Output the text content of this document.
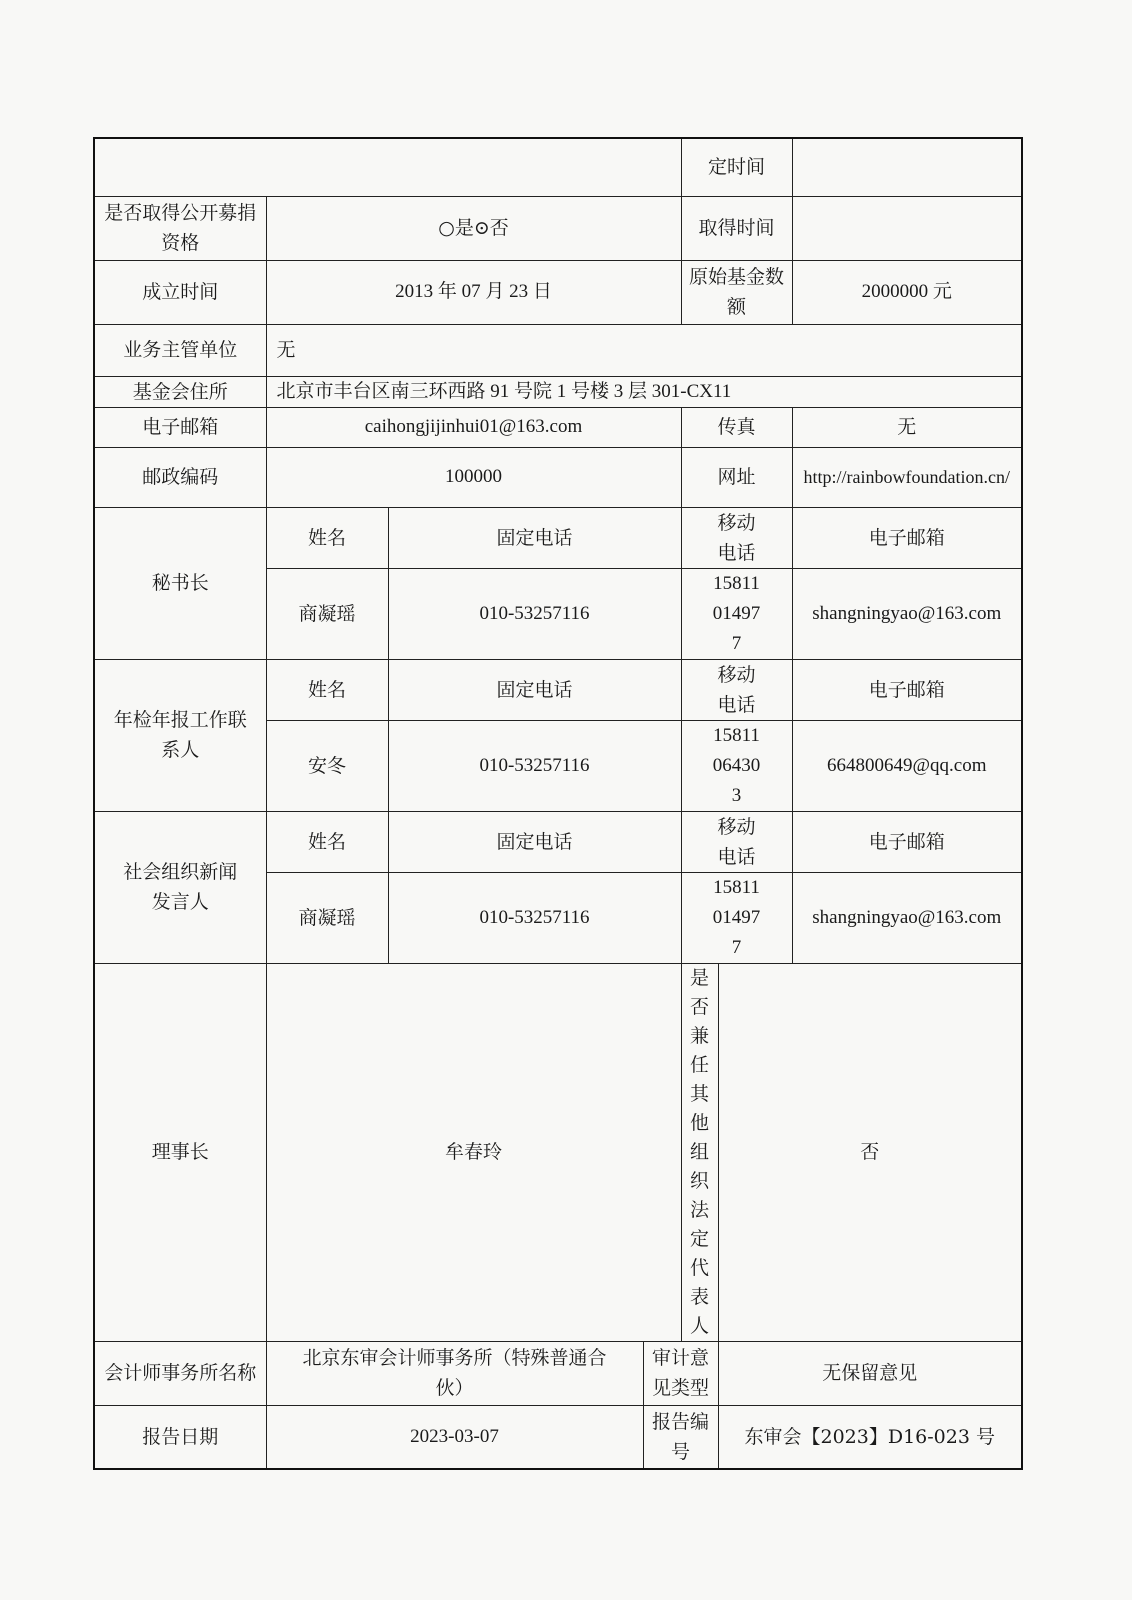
				定时间		
是否取得公开募捐资格	○是⊙否			取得时间		
成立时间	2013 年 07 月 23 日			原始基金数额		2000000 元
业务主管单位	无					
基金会住所	北京市丰台区南三环西路 91 号院 1 号楼 3 层 301-CX11					
电子邮箱	caihongjijinhui01@163.com			传真		无
邮政编码	100000			网址		http://rainbowfoundation.cn/
秘书长	姓名	固定电话		移动电话		电子邮箱
	商凝瑶	010-53257116		15811014977		shangningyao@163.com

年检年报工作联系人	姓名	固定电话		移动电话		电子邮箱
	安冬	010-53257116		15811064303		664800649@qq.com

社会组织新闻发言人	姓名	固定电话		移动电话		电子邮箱
	商凝瑶	010-53257116		15811014977		shangningyao@163.com
理事长	牟春玲			是否兼任其他组织法定代表人	否	
会计师事务所名称	北京东审会计师事务所（特殊普通合伙）		审计意见类型		无保留意见	
报告日期	2023-03-07		报告编号		东审会【2023】D16-023 号	
